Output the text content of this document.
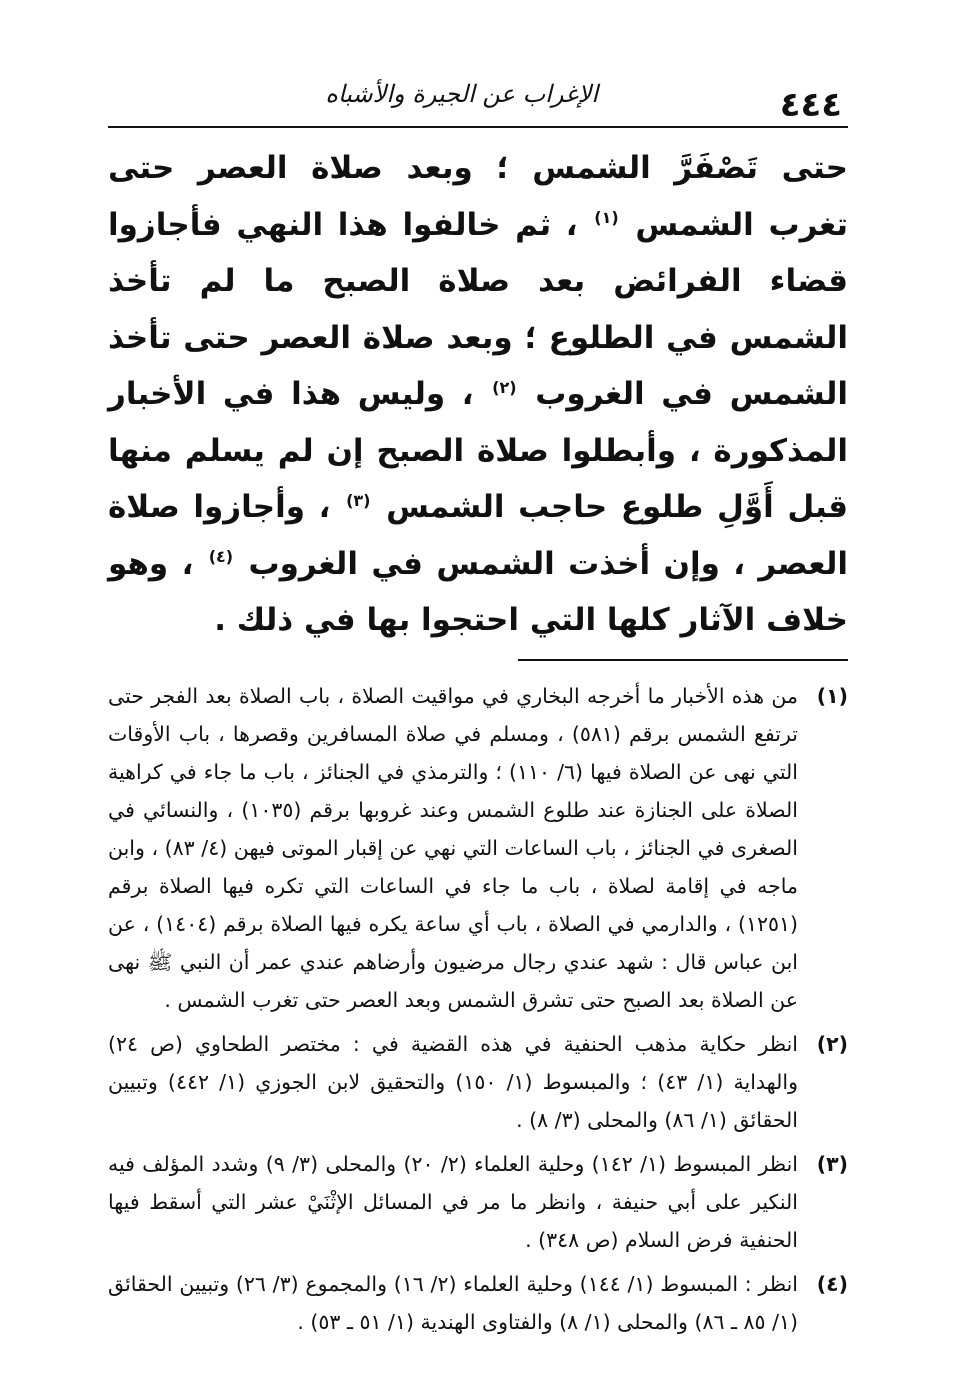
٤٤٤
الإغراب عن الجيرة والأشباه
حتى تَصْفَرَّ الشمس ؛ وبعد صلاة العصر حتى تغرب الشمس $^{(١)}$ ، ثم خالفوا هذا النهي فأجازوا قضاء الفرائض بعد صلاة الصبح ما لم تأخذ الشمس في الطلوع ؛ وبعد صلاة العصر حتى تأخذ الشمس في الغروب $^{(٢)}$ ، وليس هذا في الأخبار المذكورة ، وأبطلوا صلاة الصبح إن لم يسلم منها قبل أَوَّلِ طلوع حاجب الشمس $^{(٣)}$ ، وأجازوا صلاة العصر ، وإن أخذت الشمس في الغروب $^{(٤)}$ ، وهو خلاف الآثار كلها التي احتجوا بها في ذلك .
(١)
من هذه الأخبار ما أخرجه البخاري في مواقيت الصلاة ، باب الصلاة بعد الفجر حتى ترتفع الشمس برقم (٥٨١) ، ومسلم في صلاة المسافرين وقصرها ، باب الأوقات التي نهى عن الصلاة فيها (٦/ ١١٠) ؛ والترمذي في الجنائز ، باب ما جاء في كراهية الصلاة على الجنازة عند طلوع الشمس وعند غروبها برقم (١٠٣٥) ، والنسائي في الصغرى في الجنائز ، باب الساعات التي نهي عن إقبار الموتى فيهن (٤/ ٨٣) ، وابن ماجه في إقامة لصلاة ، باب ما جاء في الساعات التي تكره فيها الصلاة برقم (١٢٥١) ، والدارمي في الصلاة ، باب أي ساعة يكره فيها الصلاة برقم (١٤٠٤) ، عن ابن عباس قال : شهد عندي رجال مرضيون وأرضاهم عندي عمر أن النبي ﷺ نهى عن الصلاة بعد الصبح حتى تشرق الشمس وبعد العصر حتى تغرب الشمس .
(٢)
انظر حكاية مذهب الحنفية في هذه القضية في : مختصر الطحاوي (ص ٢٤) والهداية (١/ ٤٣) ؛ والمبسوط (١/ ١٥٠) والتحقيق لابن الجوزي (١/ ٤٤٢) وتبيين الحقائق (١/ ٨٦) والمحلى (٣/ ٨) .
(٣)
انظر المبسوط (١/ ١٤٢) وحلية العلماء (٢/ ٢٠) والمحلى (٣/ ٩) وشدد المؤلف فيه النكير على أبي حنيفة ، وانظر ما مر في المسائل الإثْنَيْ عشر التي أسقط فيها الحنفية فرض السلام (ص ٣٤٨) .
(٤)
انظر : المبسوط (١/ ١٤٤) وحلية العلماء (٢/ ١٦) والمجموع (٣/ ٢٦) وتبيين الحقائق (١/ ٨٥ ـ ٨٦) والمحلى (١/ ٨) والفتاوى الهندية (١/ ٥١ ـ ٥٣) .
